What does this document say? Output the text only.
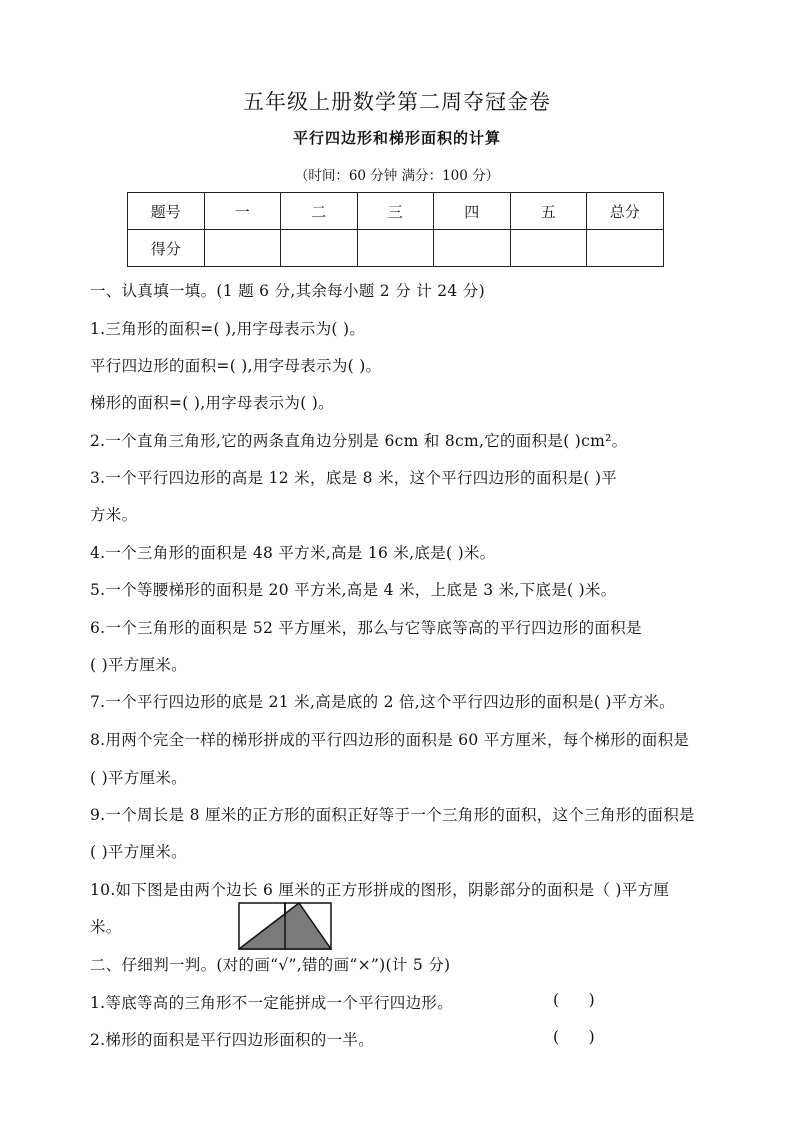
五年级上册数学第二周夺冠金卷
平行四边形和梯形面积的计算
（时间：60 分钟 满分：100 分）
题号	一	二	三	四	五	总分
得分						
一、认真填一填。(1 题 6 分,其余每小题 2 分 计 24 分)
1.三角形的面积=( ),用字母表示为( )。
平行四边形的面积=( ),用字母表示为( )。
梯形的面积=( ),用字母表示为( )。
2.一个直角三角形,它的两条直角边分别是 6cm 和 8cm,它的面积是( )cm²。
3.一个平行四边形的高是 12 米，底是 8 米，这个平行四边形的面积是( )平
方米。
4.一个三角形的面积是 48 平方米,高是 16 米,底是( )米。
5.一个等腰梯形的面积是 20 平方米,高是 4 米，上底是 3 米,下底是( )米。
6.一个三角形的面积是 52 平方厘米，那么与它等底等高的平行四边形的面积是
( )平方厘米。
7.一个平行四边形的底是 21 米,高是底的 2 倍,这个平行四边形的面积是( )平方米。
8.用两个完全一样的梯形拼成的平行四边形的面积是 60 平方厘米，每个梯形的面积是
( )平方厘米。
9.一个周长是 8 厘米的正方形的面积正好等于一个三角形的面积，这个三角形的面积是
( )平方厘米。
10.如下图是由两个边长 6 厘米的正方形拼成的图形，阴影部分的面积是（ )平方厘
米。
二、仔细判一判。(对的画“√”,错的画“×”)(计 5 分)
1.等底等高的三角形不一定能拼成一个平行四边形。	(      )
2.梯形的面积是平行四边形面积的一半。	(      )
